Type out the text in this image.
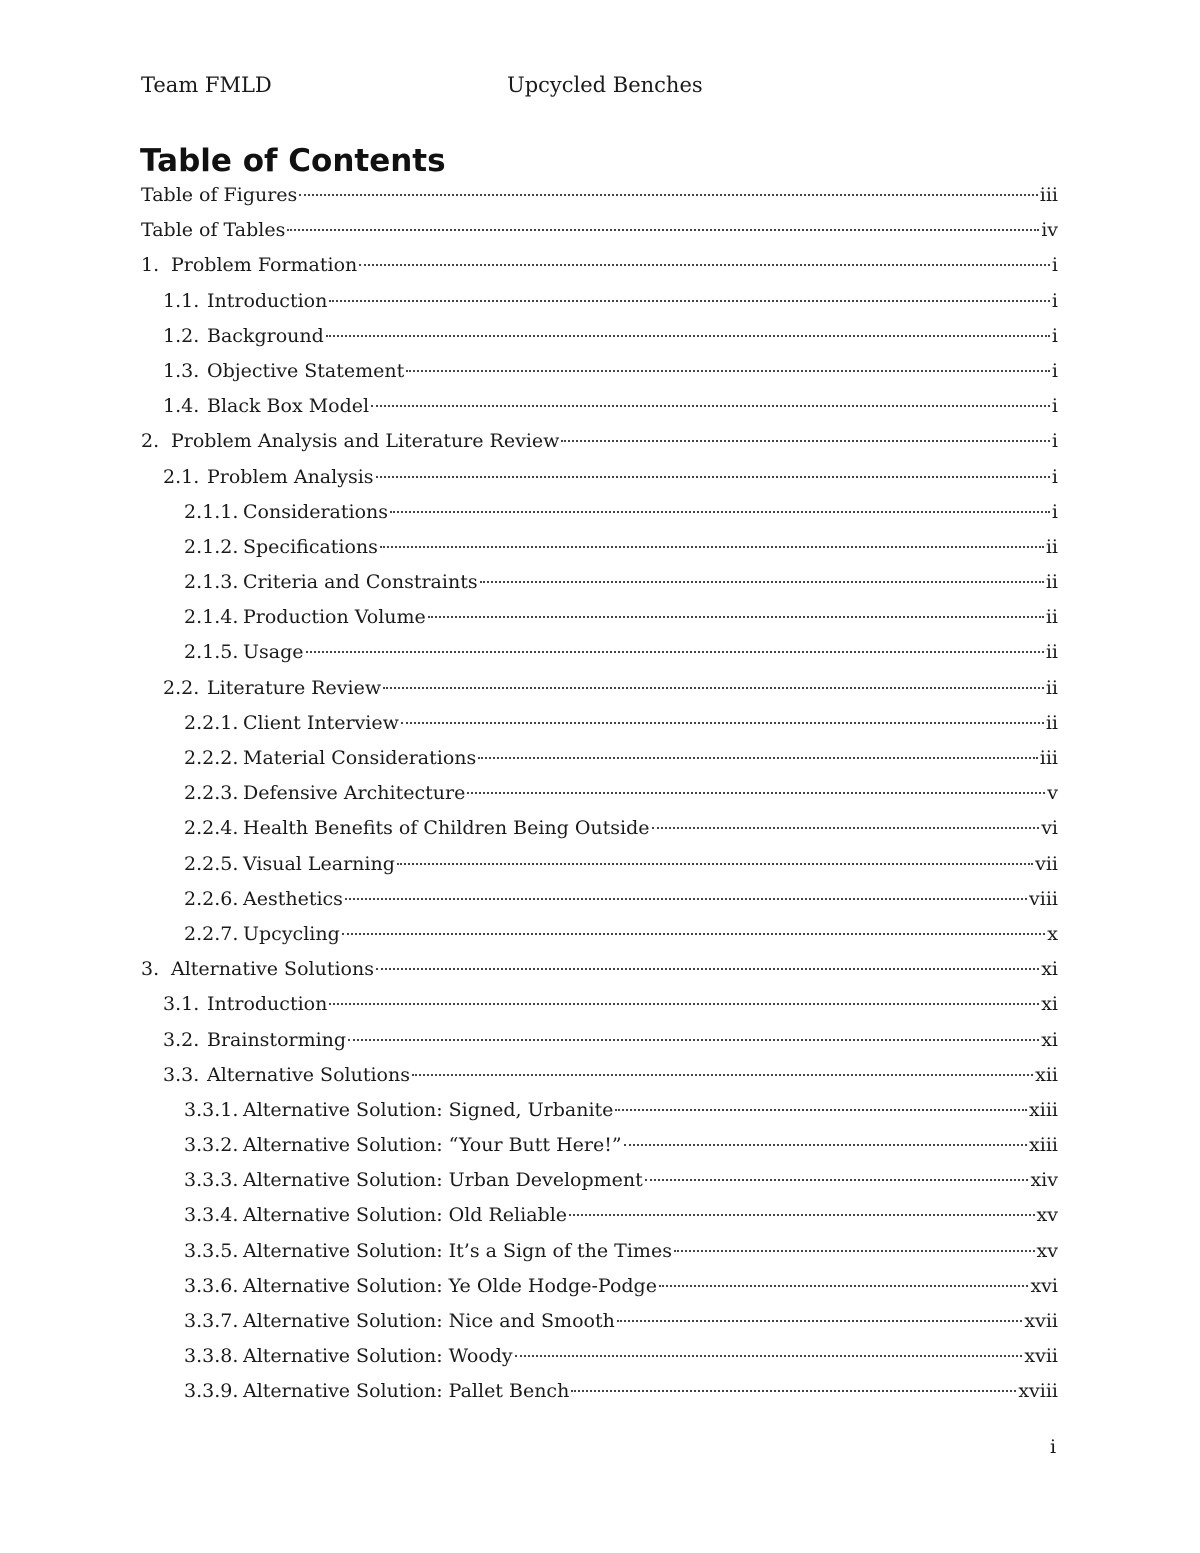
Team FMLD	Upcycled Benches
Table of Contents
Table of Figures	iii
Table of Tables	iv
1. Problem Formation	i
1.1. Introduction	i
1.2. Background	i
1.3. Objective Statement	i
1.4. Black Box Model	i
2. Problem Analysis and Literature Review	i
2.1. Problem Analysis	i
2.1.1. Considerations	i
2.1.2. Specifications	ii
2.1.3. Criteria and Constraints	ii
2.1.4. Production Volume	ii
2.1.5. Usage	ii
2.2. Literature Review	ii
2.2.1. Client Interview	ii
2.2.2. Material Considerations	iii
2.2.3. Defensive Architecture	v
2.2.4. Health Benefits of Children Being Outside	vi
2.2.5. Visual Learning	vii
2.2.6. Aesthetics	viii
2.2.7. Upcycling	x
3. Alternative Solutions	xi
3.1. Introduction	xi
3.2. Brainstorming	xi
3.3. Alternative Solutions	xii
3.3.1. Alternative Solution: Signed, Urbanite	xiii
3.3.2. Alternative Solution: “Your Butt Here!”	xiii
3.3.3. Alternative Solution: Urban Development	xiv
3.3.4. Alternative Solution: Old Reliable	xv
3.3.5. Alternative Solution: It’s a Sign of the Times	xv
3.3.6. Alternative Solution: Ye Olde Hodge-Podge	xvi
3.3.7. Alternative Solution: Nice and Smooth	xvii
3.3.8. Alternative Solution: Woody	xvii
3.3.9. Alternative Solution: Pallet Bench	xviii
i
